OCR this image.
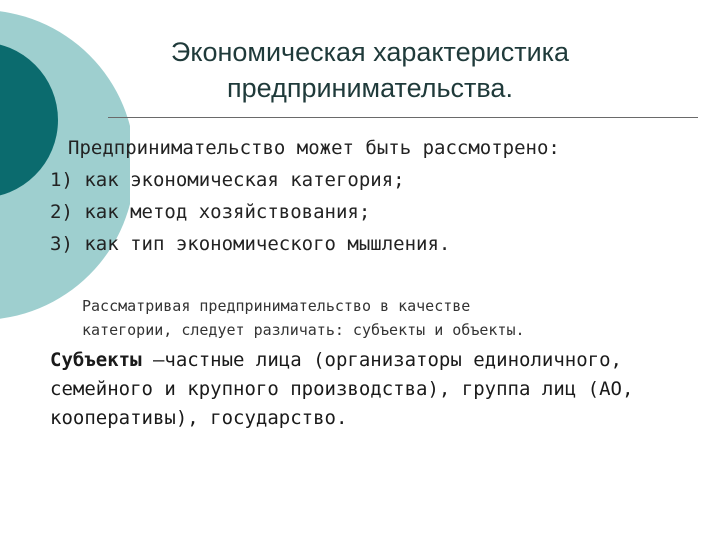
Экономическая характеристика
предпринимательства.
Предпринимательство может быть рассмотрено:
1) как экономическая категория;
2) как метод хозяйствования;
3) как тип экономического мышления.
Рассматривая предпринимательство в качестве
категории, следует различать: субъекты и объекты.
Субъекты –частные лица (организаторы единоличного, семейного и крупного производства), группа лиц (АО, кооперативы), государство.
